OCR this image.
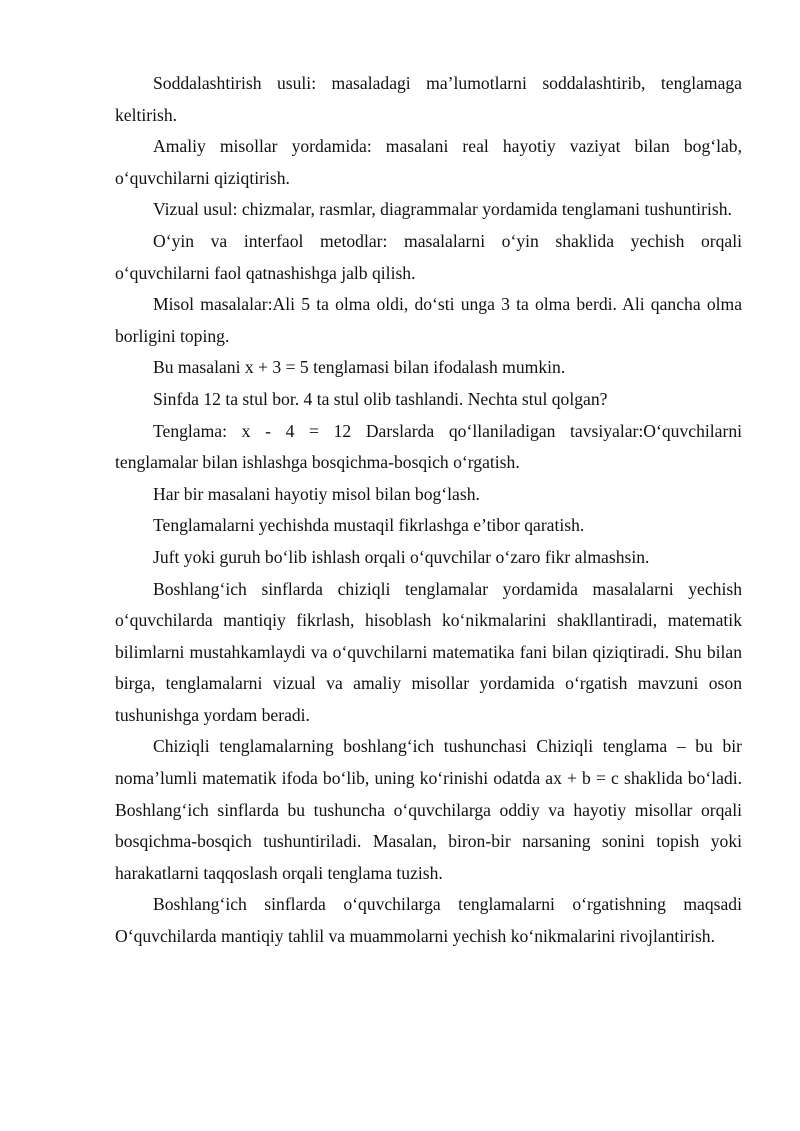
Soddalashtirish usuli: masaladagi ma’lumotlarni soddalashtirib, tenglamaga keltirish.

Amaliy misollar yordamida: masalani real hayotiy vaziyat bilan bog‘lab, o‘quvchilarni qiziqtirish.

Vizual usul: chizmalar, rasmlar, diagrammalar yordamida tenglamani tushuntirish.

O‘yin va interfaol metodlar: masalalarni o‘yin shaklida yechish orqali o‘quvchilarni faol qatnashishga jalb qilish.

Misol masalalar:Ali 5 ta olma oldi, do‘sti unga 3 ta olma berdi. Ali qancha olma borligini toping.

Bu masalani x + 3 = 5 tenglamasi bilan ifodalash mumkin.

Sinfda 12 ta stul bor. 4 ta stul olib tashlandi. Nechta stul qolgan?

Tenglama: x - 4 = 12 Darslarda qo‘llaniladigan tavsiyalar:O‘quvchilarni tenglamalar bilan ishlashga bosqichma-bosqich o‘rgatish.

Har bir masalani hayotiy misol bilan bog‘lash.

Tenglamalarni yechishda mustaqil fikrlashga e’tibor qaratish.

Juft yoki guruh bo‘lib ishlash orqali o‘quvchilar o‘zaro fikr almashsin.

Boshlang‘ich sinflarda chiziqli tenglamalar yordamida masalalarni yechish o‘quvchilarda mantiqiy fikrlash, hisoblash ko‘nikmalarini shakllantiradi, matematik bilimlarni mustahkamlaydi va o‘quvchilarni matematika fani bilan qiziqtiradi. Shu bilan birga, tenglamalarni vizual va amaliy misollar yordamida o‘rgatish mavzuni oson tushunishga yordam beradi.

Chiziqli tenglamalarning boshlang‘ich tushunchasi Chiziqli tenglama – bu bir noma’lumli matematik ifoda bo‘lib, uning ko‘rinishi odatda ax + b = c shaklida bo‘ladi. Boshlang‘ich sinflarda bu tushuncha o‘quvchilarga oddiy va hayotiy misollar orqali bosqichma-bosqich tushuntiriladi. Masalan, biron-bir narsaning sonini topish yoki harakatlarni taqqoslash orqali tenglama tuzish.

Boshlang‘ich sinflarda o‘quvchilarga tenglamalarni o‘rgatishning maqsadi O‘quvchilarda mantiqiy tahlil va muammolarni yechish ko‘nikmalarini rivojlantirish.
